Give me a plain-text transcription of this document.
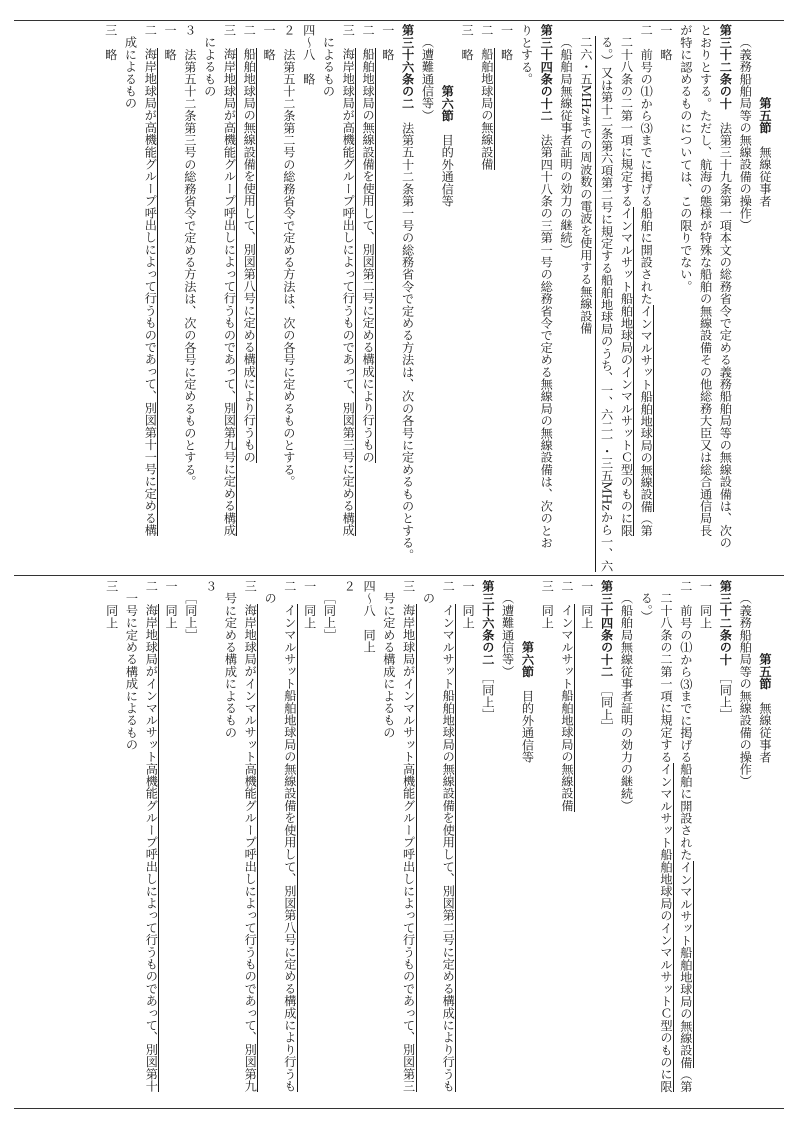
第五節　無線従事者
（義務船舶局等の無線設備の操作）
第三十二条の十　法第三十九条第一項本文の総務省令で定める義務船舶局等の無線設備は、次の
とおりとする。ただし、航海の態様が特殊な船舶の無線設備その他総務大臣又は総合通信局長
が特に認めるものについては、この限りでない。
一　略
二　前号の⑴から⑶までに掲げる船舶に開設されたインマルサット船舶地球局の無線設備（第
二十八条の二第一項に規定するインマルサット船舶地球局のインマルサットＣ型のものに限
る。）又は第十二条第六項第二号に規定する船舶地球局のうち、一、六二一・三五MHzから一、六
二六・五MHzまでの周波数の電波を使用する無線設備
（船舶局無線従事者証明の効力の継続）
第三十四条の十二　法第四十八条の三第一号の総務省令で定める無線局の無線設備は、次のとお
りとする。
一　略
二　船舶地球局の無線設備
三　略
第六節　目的外通信等
（遭難通信等）
第三十六条の二　法第五十二条第一号の総務省令で定める方法は、次の各号に定めるものとする。
一　略
二　船舶地球局の無線設備を使用して、別図第二号に定める構成により行うもの
三　海岸地球局が高機能グループ呼出しによって行うものであって、別図第三号に定める構成
によるもの
四～八　略
２　法第五十二条第二号の総務省令で定める方法は、次の各号に定めるものとする。
一　略
二　船舶地球局の無線設備を使用して、別図第八号に定める構成により行うもの
三　海岸地球局が高機能グループ呼出しによって行うものであって、別図第九号に定める構成
によるもの
３　法第五十二条第三号の総務省令で定める方法は、次の各号に定めるものとする。
一　略
二　海岸地球局が高機能グループ呼出しによって行うものであって、別図第十一号に定める構
成によるもの
三　略
第五節　無線従事者
（義務船舶局等の無線設備の操作）
第三十二条の十　［同上］
一　同上
二　前号の⑴から⑶までに掲げる船舶に開設されたインマルサット船舶地球局の無線設備（第
二十八条の二第一項に規定するインマルサット船舶地球局のインマルサットＣ型のものに限
る。）
（船舶局無線従事者証明の効力の継続）
第三十四条の十二　［同上］
一　同上
二　インマルサット船舶地球局の無線設備
三　同上
第六節　目的外通信等
（遭難通信等）
第三十六条の二　［同上］
一　同上
二　インマルサット船舶地球局の無線設備を使用して、別図第二号に定める構成により行うも
の
三　海岸地球局がインマルサット高機能グループ呼出しによって行うものであって、別図第三
号に定める構成によるもの
四～八　同上
２
［同上］
一　同上
二　インマルサット船舶地球局の無線設備を使用して、別図第八号に定める構成により行うも
の
三　海岸地球局がインマルサット高機能グループ呼出しによって行うものであって、別図第九
号に定める構成によるもの
３
［同上］
一　同上
二　海岸地球局がインマルサット高機能グループ呼出しによって行うものであって、別図第十
一号に定める構成によるもの
三　同上
